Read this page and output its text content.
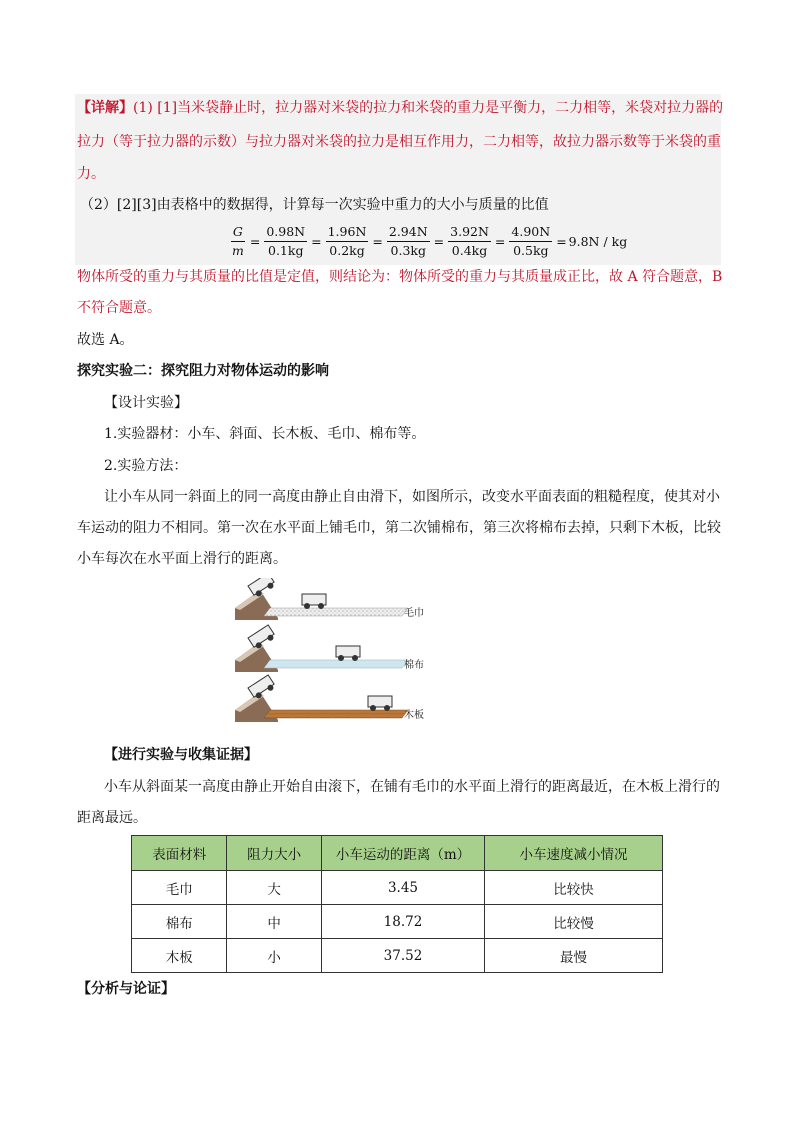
【详解】(1) [1]当米袋静止时，拉力器对米袋的拉力和米袋的重力是平衡力，二力相等，米袋对拉力器的
拉力（等于拉力器的示数）与拉力器对米袋的拉力是相互作用力，二力相等，故拉力器示数等于米袋的重
力。
（2）[2][3]由表格中的数据得，计算每一次实验中重力的大小与质量的比值
$\frac{G}{m} = \frac{0.98N}{0.1kg} = \frac{1.96N}{0.2kg} = \frac{2.94N}{0.3kg} = \frac{3.92N}{0.4kg} = \frac{4.90N}{0.5kg} = 9.8N$ / kg
物体所受的重力与其质量的比值是定值，则结论为：物体所受的重力与其质量成正比，故 A 符合题意，B
不符合题意。
故选 A。
探究实验二：探究阻力对物体运动的影响
【设计实验】
1.实验器材：小车、斜面、长木板、毛巾、棉布等。
2.实验方法：
让小车从同一斜面上的同一高度由静止自由滑下，如图所示，改变水平面表面的粗糙程度，使其对小
车运动的阻力不相同。第一次在水平面上铺毛巾，第二次铺棉布，第三次将棉布去掉，只剩下木板，比较
小车每次在水平面上滑行的距离。
毛巾
棉布
木板
【进行实验与收集证据】
小车从斜面某一高度由静止开始自由滚下，在铺有毛巾的水平面上滑行的距离最近，在木板上滑行的
距离最远。
表面材料	阻力大小	小车运动的距离（m）	小车速度减小情况
毛巾	大	3.45	比较快
棉布	中	18.72	比较慢
木板	小	37.52	最慢
【分析与论证】
